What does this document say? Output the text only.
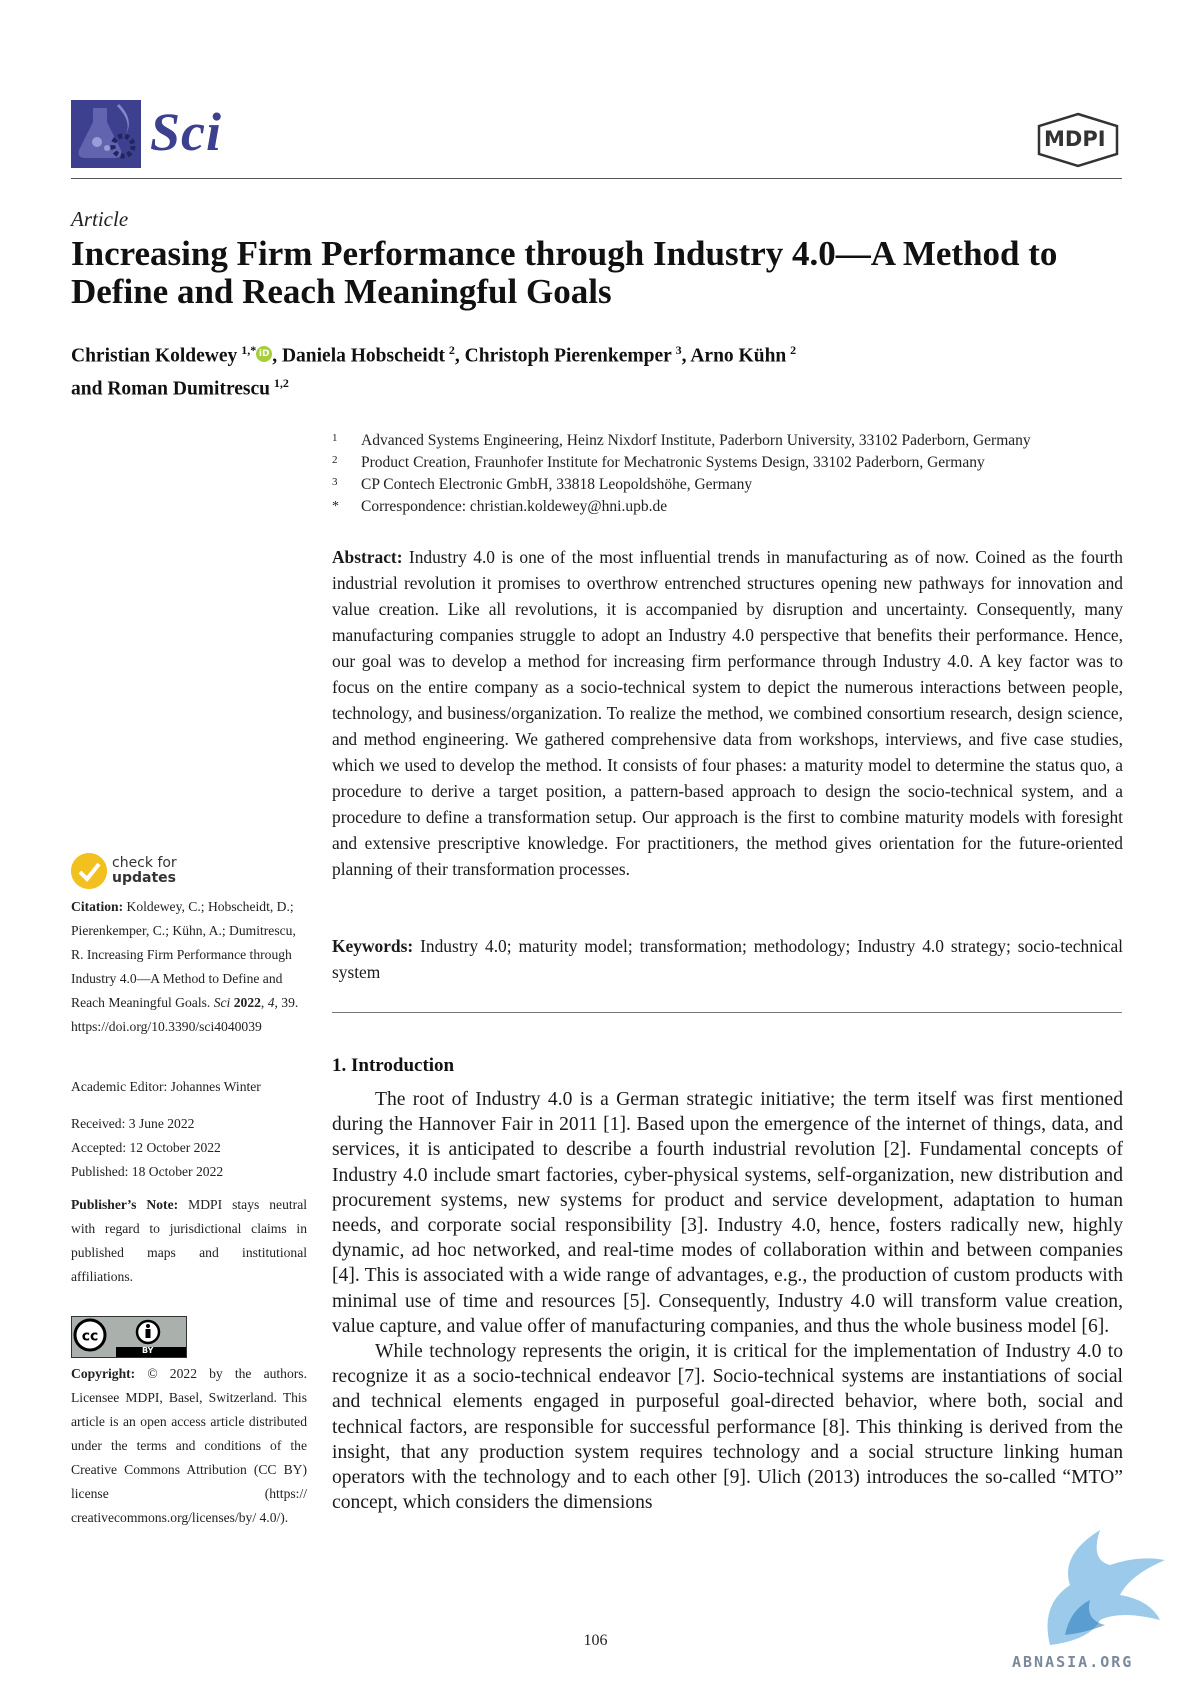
Sci	MDPI
Article
Increasing Firm Performance through Industry 4.0—A Method to Define and Reach Meaningful Goals
Christian Koldewey  $^{1,*}$ iD , Daniela Hobscheidt  $^2$, Christoph Pierenkemper  $^3$, Arno Kühn  $^2$
and Roman Dumitrescu  $^{1,2}$
1 Advanced Systems Engineering, Heinz Nixdorf Institute, Paderborn University, 33102 Paderborn, Germany
2 Product Creation, Fraunhofer Institute for Mechatronic Systems Design, 33102 Paderborn, Germany
3 CP Contech Electronic GmbH, 33818 Leopoldshöhe, Germany
* Correspondence: christian.koldewey@hni.upb.de
Abstract: Industry 4.0 is one of the most influential trends in manufacturing as of now. Coined as the fourth industrial revolution it promises to overthrow entrenched structures opening new pathways for innovation and value creation. Like all revolutions, it is accompanied by disruption and uncertainty. Consequently, many manufacturing companies struggle to adopt an Industry 4.0 perspective that benefits their performance. Hence, our goal was to develop a method for increasing firm performance through Industry 4.0. A key factor was to focus on the entire company as a socio-technical system to depict the numerous interactions between people, technology, and business/organization. To realize the method, we combined consortium research, design science, and method engineering. We gathered comprehensive data from workshops, interviews, and five case studies, which we used to develop the method. It consists of four phases: a maturity model to determine the status quo, a procedure to derive a target position, a pattern-based approach to design the socio-technical system, and a procedure to define a transformation setup. Our approach is the first to combine maturity models with foresight and extensive prescriptive knowledge. For practitioners, the method gives orientation for the future-oriented planning of their transformation processes.
Keywords: Industry 4.0; maturity model; transformation; methodology; Industry 4.0 strategy; socio-technical system
1. Introduction

The root of Industry 4.0 is a German strategic initiative; the term itself was first mentioned during the Hannover Fair in 2011 [1]. Based upon the emergence of the internet of things, data, and services, it is anticipated to describe a fourth industrial revolution [2]. Fundamental concepts of Industry 4.0 include smart factories, cyber-physical systems, self-organization, new distribution and procurement systems, new systems for product and service development, adaptation to human needs, and corporate social responsibility [3]. Industry 4.0, hence, fosters radically new, highly dynamic, ad hoc networked, and real-time modes of collaboration within and between companies [4]. This is associated with a wide range of advantages, e.g., the production of custom products with minimal use of time and resources [5]. Consequently, Industry 4.0 will transform value creation, value capture, and value offer of manufacturing companies, and thus the whole business model [6].

While technology represents the origin, it is critical for the implementation of Industry 4.0 to recognize it as a socio-technical endeavor [7]. Socio-technical systems are instantiations of social and technical elements engaged in purposeful goal-directed behavior, where both, social and technical factors, are responsible for successful performance [8]. This thinking is derived from the insight, that any production system requires technology and a social structure linking human operators with the technology and to each other [9]. Ulich (2013) introduces the so-called “MTO” concept, which considers the dimensions

check for
updates
Citation: Koldewey, C.; Hobscheidt, D.; Pierenkemper, C.; Kühn, A.; Dumitrescu, R. Increasing Firm Performance through Industry 4.0—A Method to Define and Reach Meaningful Goals. Sci 2022, 4, 39. https://doi.org/10.3390/sci4040039
Academic Editor: Johannes Winter
Received: 3 June 2022
Accepted: 12 October 2022
Published: 18 October 2022
Publisher’s Note: MDPI stays neutral with regard to jurisdictional claims in published maps and institutional affiliations.
cc
BY
Copyright: © 2022 by the authors. Licensee MDPI, Basel, Switzerland. This article is an open access article distributed under the terms and conditions of the Creative Commons Attribution (CC BY) license (https:// creativecommons.org/licenses/by/ 4.0/).
106
ABNASIA.ORG
